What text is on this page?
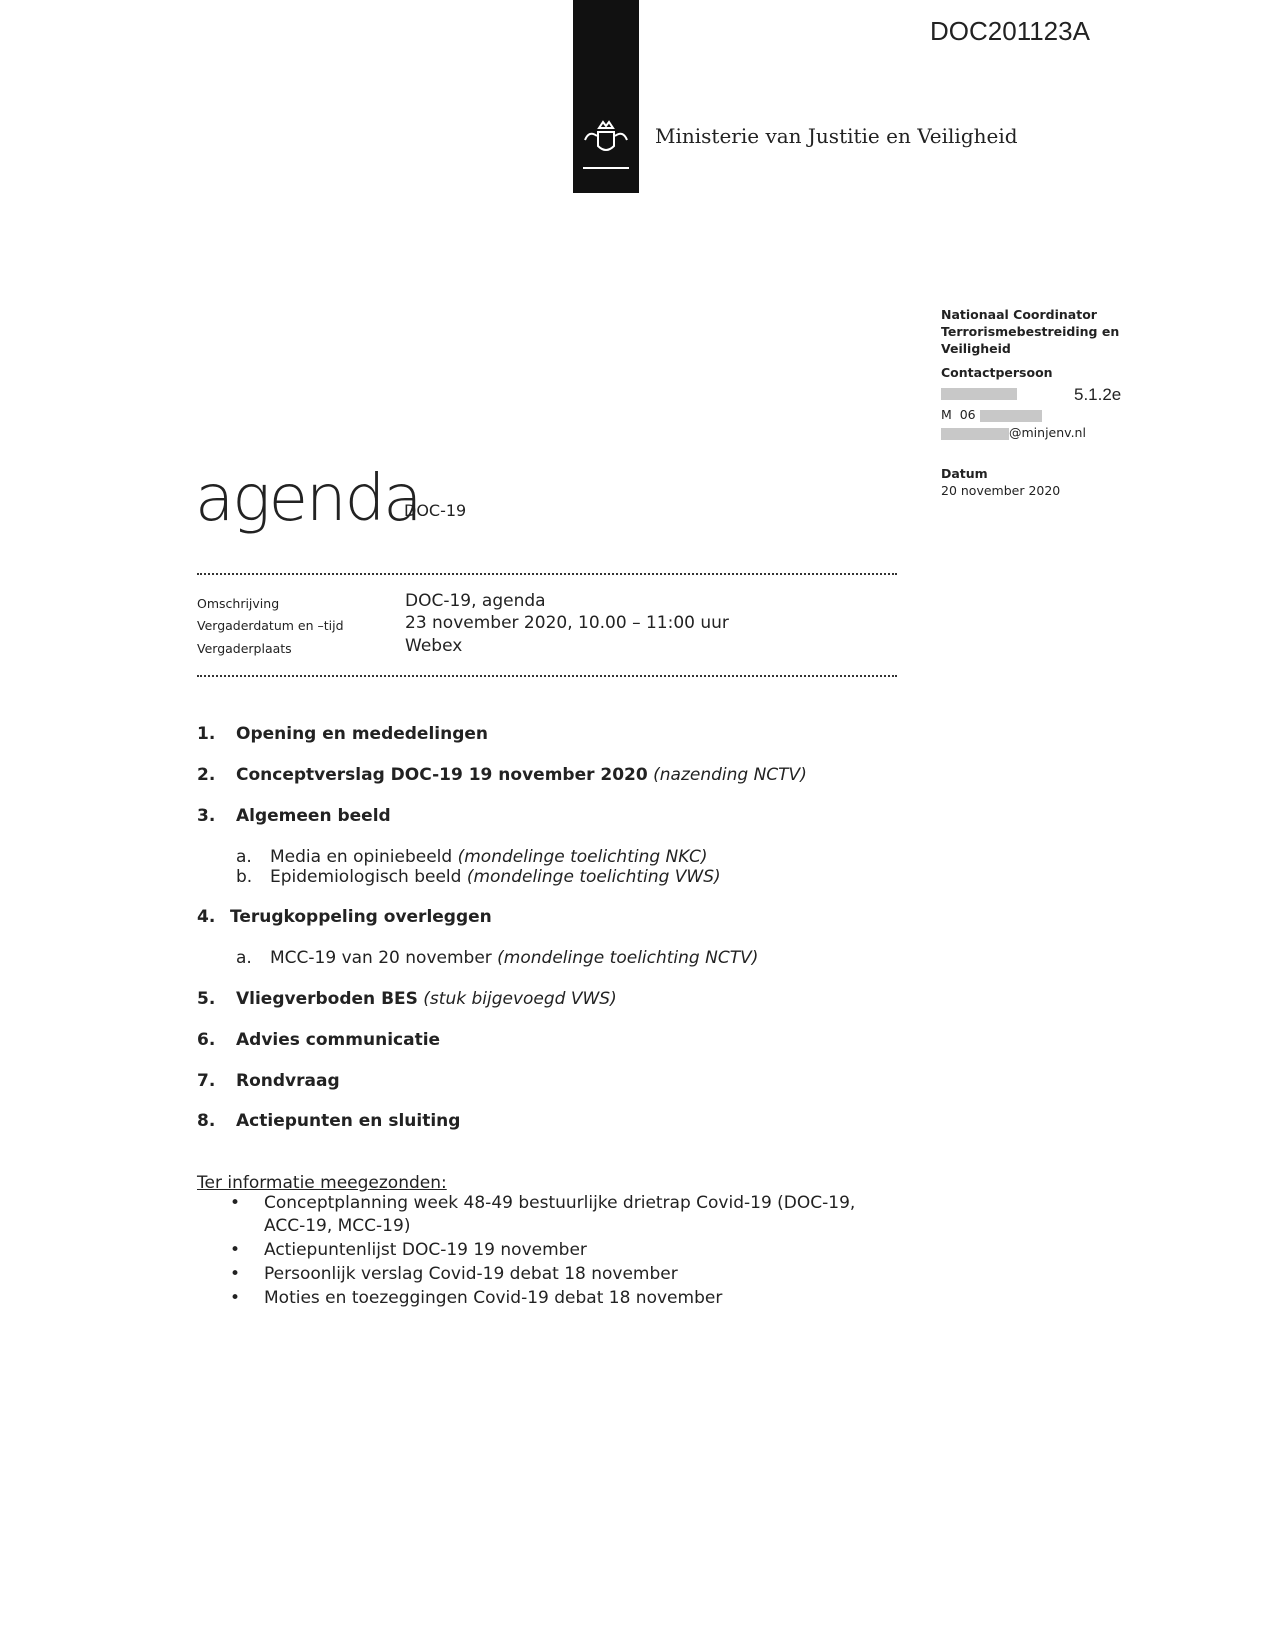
Ministerie van Justitie en Veiligheid
DOC201123A
Nationaal Coordinator
Terrorismebestreiding en
Veiligheid
Contactpersoon
5.1.2e
M  06
@minjenv.nl
Datum
20 november 2020
agenda
DOC-19
Omschrijving	DOC-19, agenda
Vergaderdatum en –tijd	23 november 2020, 10.00 – 11:00 uur
Vergaderplaats	Webex
1. Opening en mededelingen
2. Conceptverslag DOC-19 19 november 2020 (nazending NCTV)
3. Algemeen beeld
a. Media en opiniebeeld (mondelinge toelichting NKC)
b. Epidemiologisch beeld (mondelinge toelichting VWS)
4. Terugkoppeling overleggen
a. MCC-19 van 20 november (mondelinge toelichting NCTV)
5. Vliegverboden BES (stuk bijgevoegd VWS)
6. Advies communicatie
7. Rondvraag
8. Actiepunten en sluiting
Ter informatie meegezonden:
• Conceptplanning week 48-49 bestuurlijke drietrap Covid-19 (DOC-19,
ACC-19, MCC-19)
• Actiepuntenlijst DOC-19 19 november
• Persoonlijk verslag Covid-19 debat 18 november
• Moties en toezeggingen Covid-19 debat 18 november
